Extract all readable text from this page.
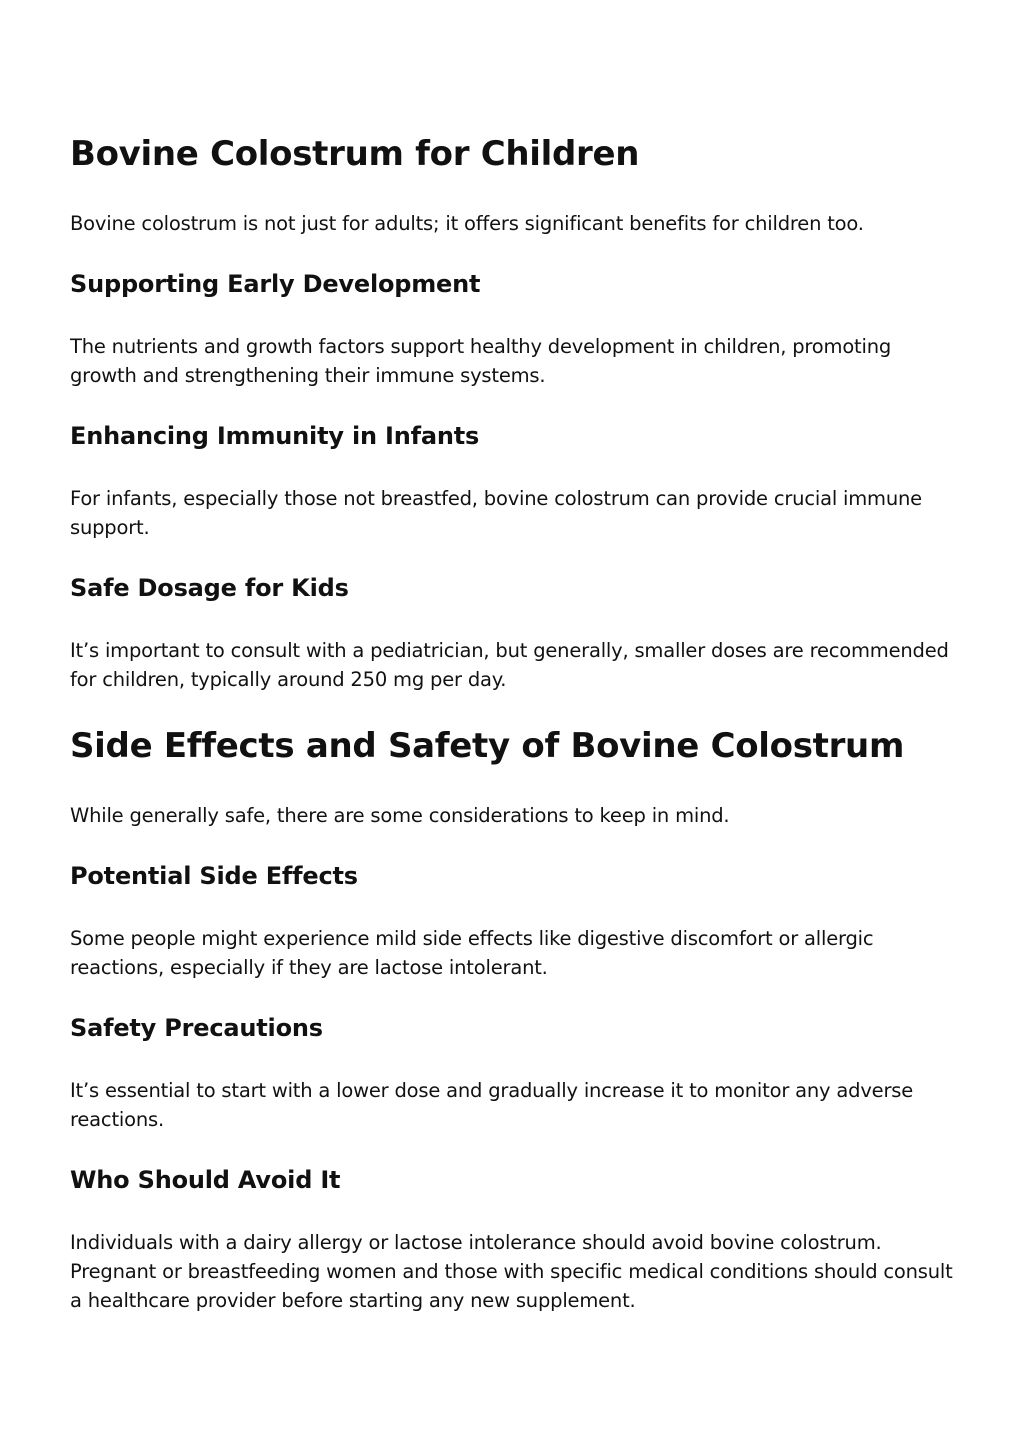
Bovine Colostrum for Children

Bovine colostrum is not just for adults; it offers significant benefits for children too.

Supporting Early Development

The nutrients and growth factors support healthy development in children, promoting growth and strengthening their immune systems.

Enhancing Immunity in Infants

For infants, especially those not breastfed, bovine colostrum can provide crucial immune support.

Safe Dosage for Kids

It’s important to consult with a pediatrician, but generally, smaller doses are recommended for children, typically around 250 mg per day.

Side Effects and Safety of Bovine Colostrum

While generally safe, there are some considerations to keep in mind.

Potential Side Effects

Some people might experience mild side effects like digestive discomfort or allergic reactions, especially if they are lactose intolerant.

Safety Precautions

It’s essential to start with a lower dose and gradually increase it to monitor any adverse reactions.

Who Should Avoid It

Individuals with a dairy allergy or lactose intolerance should avoid bovine colostrum. Pregnant or breastfeeding women and those with specific medical conditions should consult a healthcare provider before starting any new supplement.
